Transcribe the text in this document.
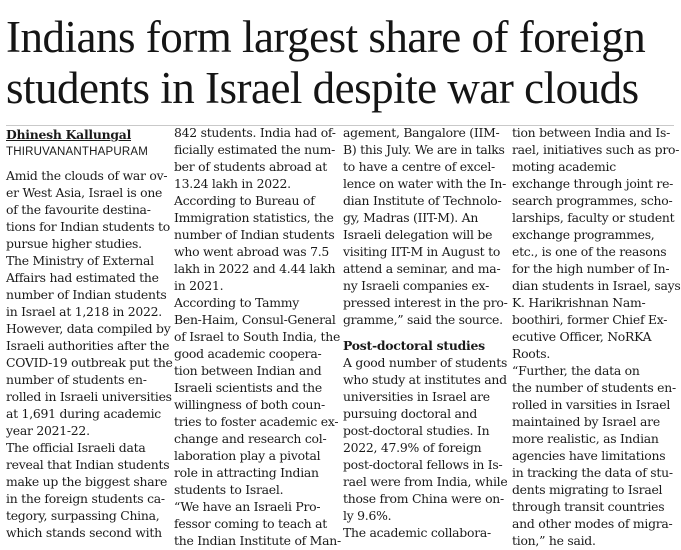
Indians form largest share of foreign
students in Israel despite war clouds
Dhinesh Kallungal
THIRUVANANTHAPURAM
Amid the clouds of war ov-
er West Asia, Israel is one
of the favourite destina-
tions for Indian students to
pursue higher studies.
The Ministry of External
Affairs had estimated the
number of Indian students
in Israel at 1,218 in 2022.
However, data compiled by
Israeli authorities after the
COVID-19 outbreak put the
number of students en-
rolled in Israeli universities
at 1,691 during academic
year 2021-22.
The official Israeli data
reveal that Indian students
make up the biggest share
in the foreign students ca-
tegory, surpassing China,
which stands second with
842 students. India had of-
ficially estimated the num-
ber of students abroad at
13.24 lakh in 2022.
According to Bureau of
Immigration statistics, the
number of Indian students
who went abroad was 7.5
lakh in 2022 and 4.44 lakh
in 2021.
According to Tammy
Ben-Haim, Consul-General
of Israel to South India, the
good academic coopera-
tion between Indian and
Israeli scientists and the
willingness of both coun-
tries to foster academic ex-
change and research col-
laboration play a pivotal
role in attracting Indian
students to Israel.
“We have an Israeli Pro-
fessor coming to teach at
the Indian Institute of Man-
agement, Bangalore (IIM-
B) this July. We are in talks
to have a centre of excel-
lence on water with the In-
dian Institute of Technolo-
gy, Madras (IIT-M). An
Israeli delegation will be
visiting IIT-M in August to
attend a seminar, and ma-
ny Israeli companies ex-
pressed interest in the pro-
gramme,” said the source.
Post-doctoral studies
A good number of students
who study at institutes and
universities in Israel are
pursuing doctoral and
post-doctoral studies. In
2022, 47.9% of foreign
post-doctoral fellows in Is-
rael were from India, while
those from China were on-
ly 9.6%.
The academic collabora-
tion between India and Is-
rael, initiatives such as pro-
moting academic
exchange through joint re-
search programmes, scho-
larships, faculty or student
exchange programmes,
etc., is one of the reasons
for the high number of In-
dian students in Israel, says
K. Harikrishnan Nam-
boothiri, former Chief Ex-
ecutive Officer, NoRKA
Roots.
“Further, the data on
the number of students en-
rolled in varsities in Israel
maintained by Israel are
more realistic, as Indian
agencies have limitations
in tracking the data of stu-
dents migrating to Israel
through transit countries
and other modes of migra-
tion,” he said.
